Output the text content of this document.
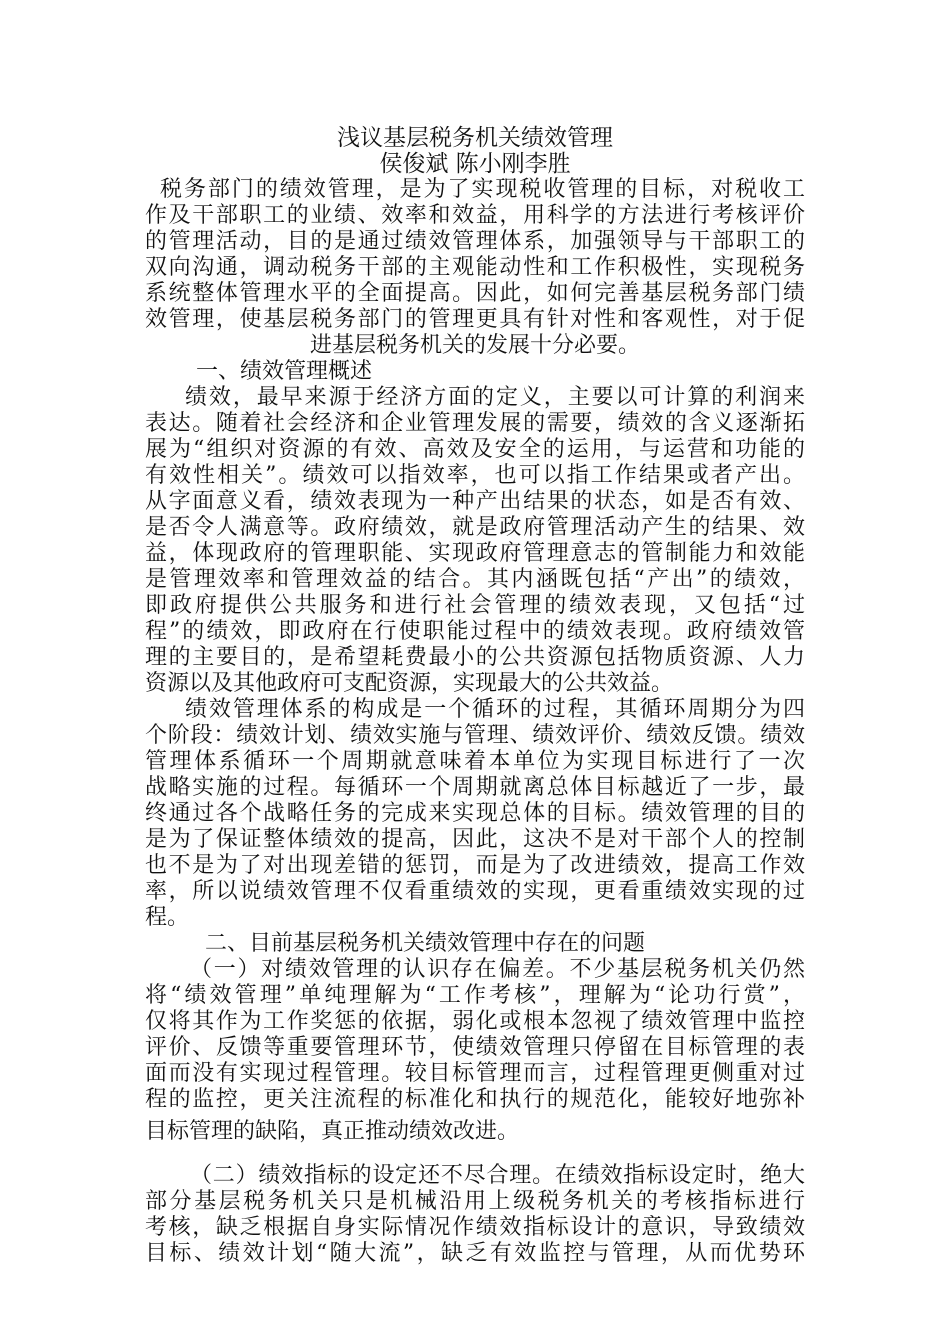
浅议基层税务机关绩效管理
侯俊斌 陈小刚李胜
税务部门的绩效管理，是为了实现税收管理的目标，对税收工
作及干部职工的业绩、效率和效益，用科学的方法进行考核评价
的管理活动，目的是通过绩效管理体系，加强领导与干部职工的
双向沟通，调动税务干部的主观能动性和工作积极性，实现税务
系统整体管理水平的全面提高。因此，如何完善基层税务部门绩
效管理，使基层税务部门的管理更具有针对性和客观性，对于促
进基层税务机关的发展十分必要。
一、绩效管理概述
绩效，最早来源于经济方面的定义，主要以可计算的利润来
表达。随着社会经济和企业管理发展的需要，绩效的含义逐渐拓
展为“组织对资源的有效、高效及安全的运用，与运营和功能的
有效性相关”。绩效可以指效率，也可以指工作结果或者产出。
从字面意义看，绩效表现为一种产出结果的状态，如是否有效、
是否令人满意等。政府绩效，就是政府管理活动产生的结果、效
益，体现政府的管理职能、实现政府管理意志的管制能力和效能
是管理效率和管理效益的结合。其内涵既包括“产出”的绩效，
即政府提供公共服务和进行社会管理的绩效表现，又包括“过
程”的绩效，即政府在行使职能过程中的绩效表现。政府绩效管
理的主要目的，是希望耗费最小的公共资源包括物质资源、人力
资源以及其他政府可支配资源，实现最大的公共效益。
绩效管理体系的构成是一个循环的过程，其循环周期分为四
个阶段：绩效计划、绩效实施与管理、绩效评价、绩效反馈。绩效
管理体系循环一个周期就意味着本单位为实现目标进行了一次
战略实施的过程。每循环一个周期就离总体目标越近了一步，最
终通过各个战略任务的完成来实现总体的目标。绩效管理的目的
是为了保证整体绩效的提高，因此，这决不是对干部个人的控制
也不是为了对出现差错的惩罚，而是为了改进绩效，提高工作效
率，所以说绩效管理不仅看重绩效的实现，更看重绩效实现的过
程。
二、目前基层税务机关绩效管理中存在的问题
（一）对绩效管理的认识存在偏差。不少基层税务机关仍然
将“绩效管理”单纯理解为“工作考核”，理解为“论功行赏”，
仅将其作为工作奖惩的依据，弱化或根本忽视了绩效管理中监控
评价、反馈等重要管理环节，使绩效管理只停留在目标管理的表
面而没有实现过程管理。较目标管理而言，过程管理更侧重对过
程的监控，更关注流程的标准化和执行的规范化，能较好地弥补
目标管理的缺陷，真正推动绩效改进。
（二）绩效指标的设定还不尽合理。在绩效指标设定时，绝大
部分基层税务机关只是机械沿用上级税务机关的考核指标进行
考核，缺乏根据自身实际情况作绩效指标设计的意识，导致绩效
目标、绩效计划“随大流”，缺乏有效监控与管理，从而优势环
